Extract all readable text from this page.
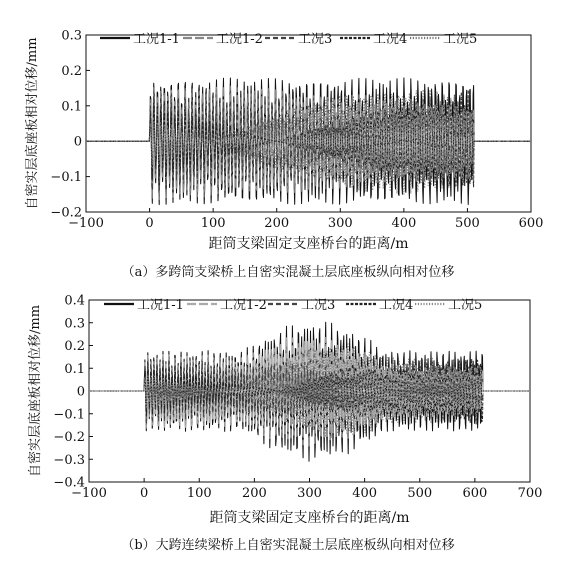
自密实层底座板相对位移/mm
−100	0	100	200	300	400	500	600
−0.2
−0.1
0
0.1
0.2
0.3	工况1-1	工况1-2	工况3	工况4	工况5
距筒支梁固定支座桥台的距离/m
（a）多跨筒支梁桥上自密实混凝土层底座板纵向相对位移
自密实层底座板相对位移/mm
−100	0	100 200 300 400 500 600 700
−0.4
−0.3
−0.2
−0.1
0
0.1
0.2
0.3
0.4	工况1-1	工况1-2	工况3	工况4	工况5
距筒支梁固定支座桥台的距离/m
（b）大跨连续梁桥上自密实混凝土层底座板纵向相对位移
